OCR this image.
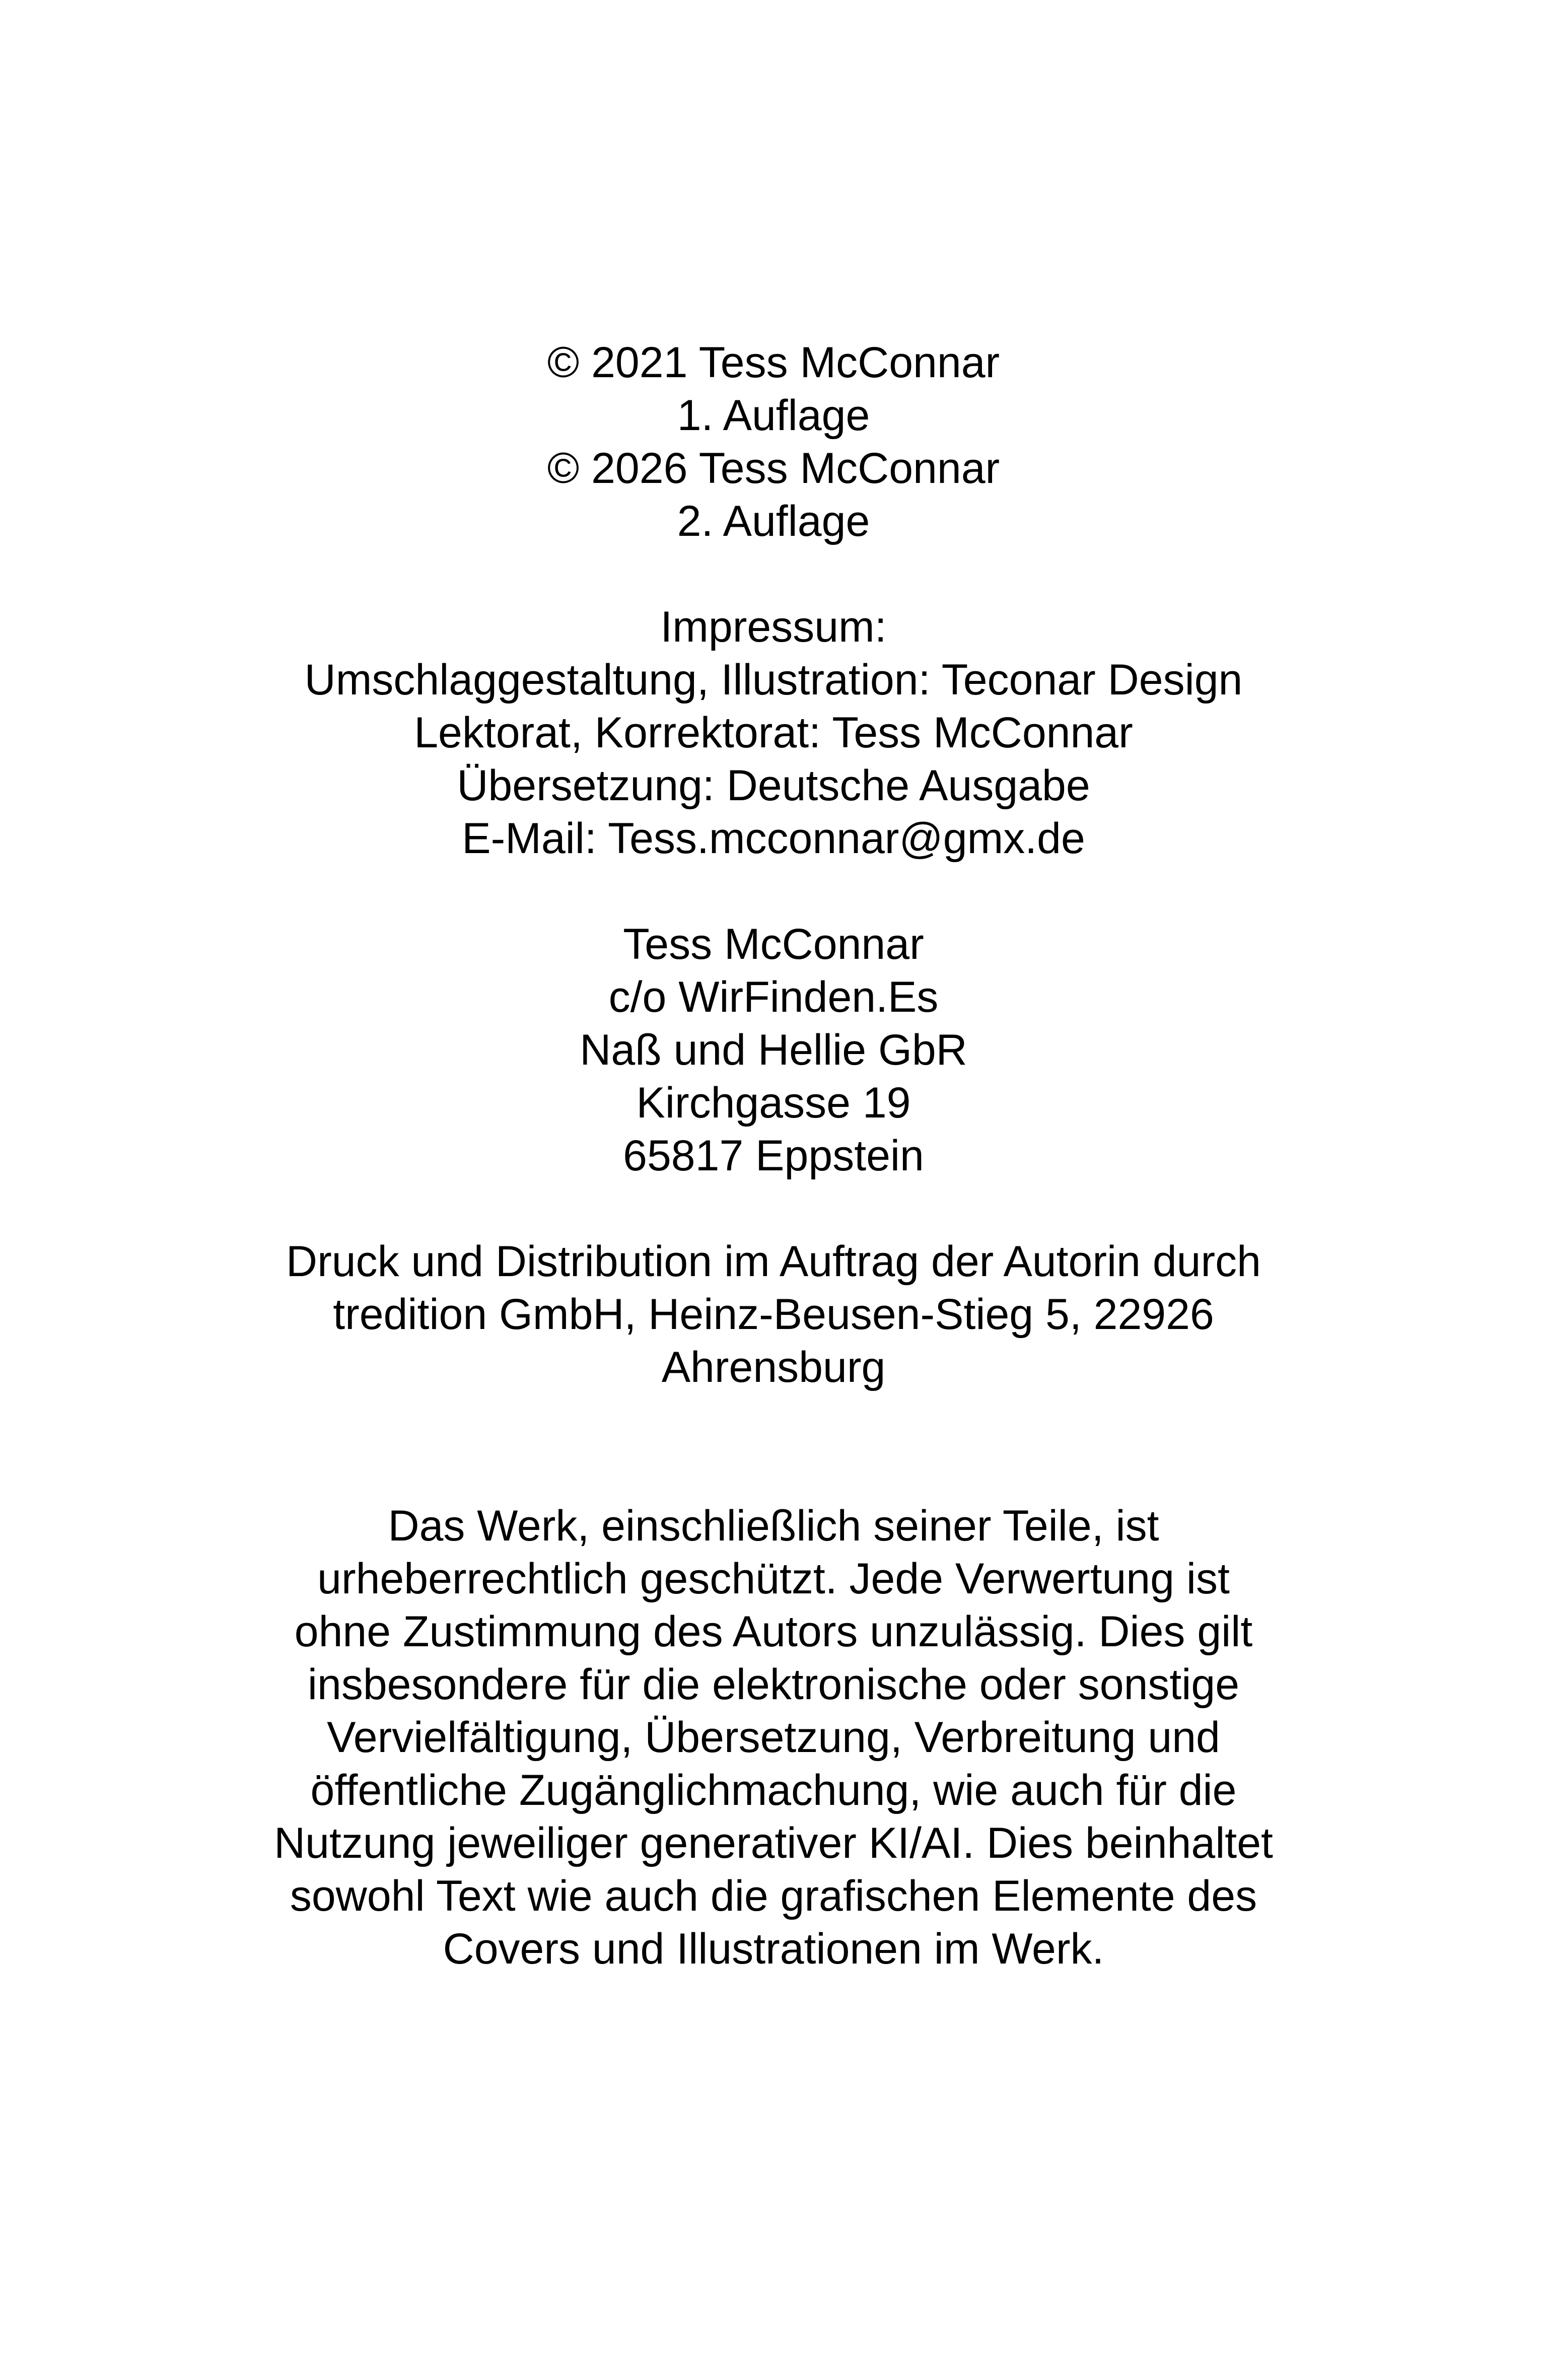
© 2021 Tess McConnar
1. Auflage
© 2026 Tess McConnar
2. Auflage
Impressum:
Umschlaggestaltung, Illustration: Teconar Design
Lektorat, Korrektorat: Tess McConnar
Übersetzung: Deutsche Ausgabe
E-Mail: Tess.mcconnar@gmx.de
Tess McConnar
c/o WirFinden.Es
Naß und Hellie GbR
Kirchgasse 19
65817 Eppstein
Druck und Distribution im Auftrag der Autorin durch
tredition GmbH, Heinz-Beusen-Stieg 5, 22926
Ahrensburg
Das Werk, einschließlich seiner Teile, ist
urheberrechtlich geschützt. Jede Verwertung ist
ohne Zustimmung des Autors unzulässig. Dies gilt
insbesondere für die elektronische oder sonstige
Vervielfältigung, Übersetzung, Verbreitung und
öffentliche Zugänglichmachung, wie auch für die
Nutzung jeweiliger generativer KI/AI. Dies beinhaltet
sowohl Text wie auch die grafischen Elemente des
Covers und Illustrationen im Werk.
